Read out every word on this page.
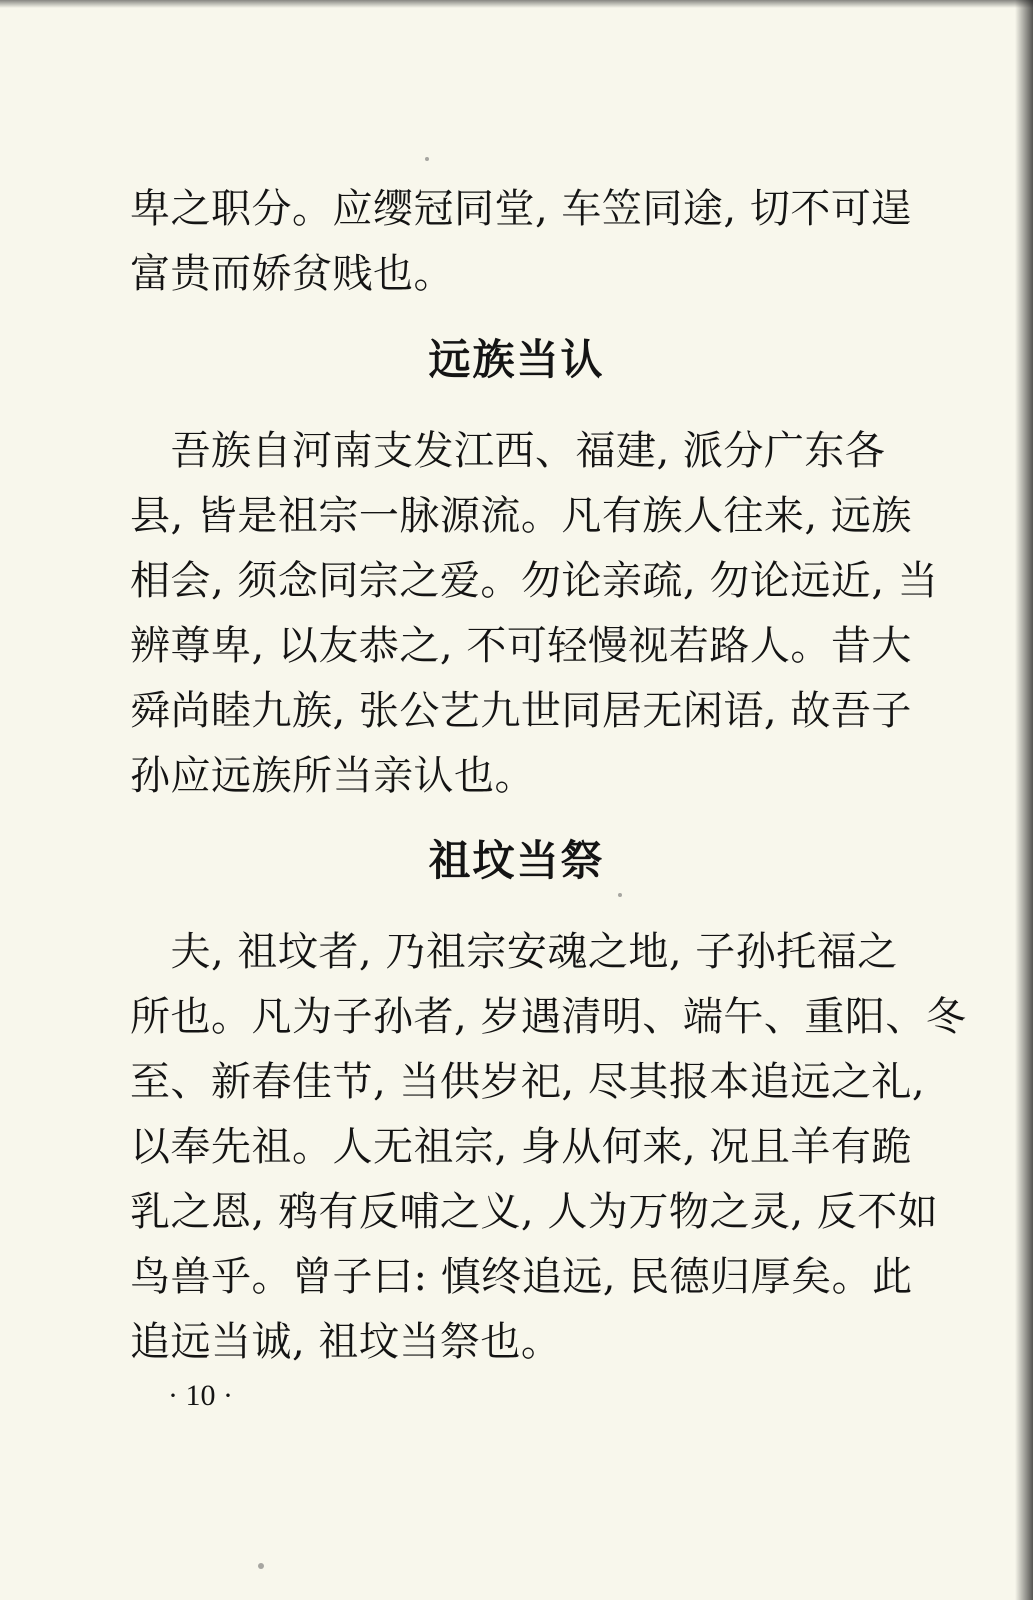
卑之职分。应缨冠同堂, 车笠同途, 切不可逞
富贵而娇贫贱也。
远族当认
　吾族自河南支发江西、福建, 派分广东各
县, 皆是祖宗一脉源流。凡有族人往来, 远族
相会, 须念同宗之爱。勿论亲疏, 勿论远近, 当
辨尊卑, 以友恭之, 不可轻慢视若路人。昔大
舜尚睦九族, 张公艺九世同居无闲语, 故吾子
孙应远族所当亲认也。
祖坟当祭
　夫, 祖坟者, 乃祖宗安魂之地, 子孙托福之
所也。凡为子孙者, 岁遇清明、端午、重阳、冬
至、新春佳节, 当供岁祀, 尽其报本追远之礼,
以奉先祖。人无祖宗, 身从何来, 况且羊有跪
乳之恩, 鸦有反哺之义, 人为万物之灵, 反不如
鸟兽乎。曾子曰: 慎终追远, 民德归厚矣。此
追远当诚, 祖坟当祭也。
· 10 ·
